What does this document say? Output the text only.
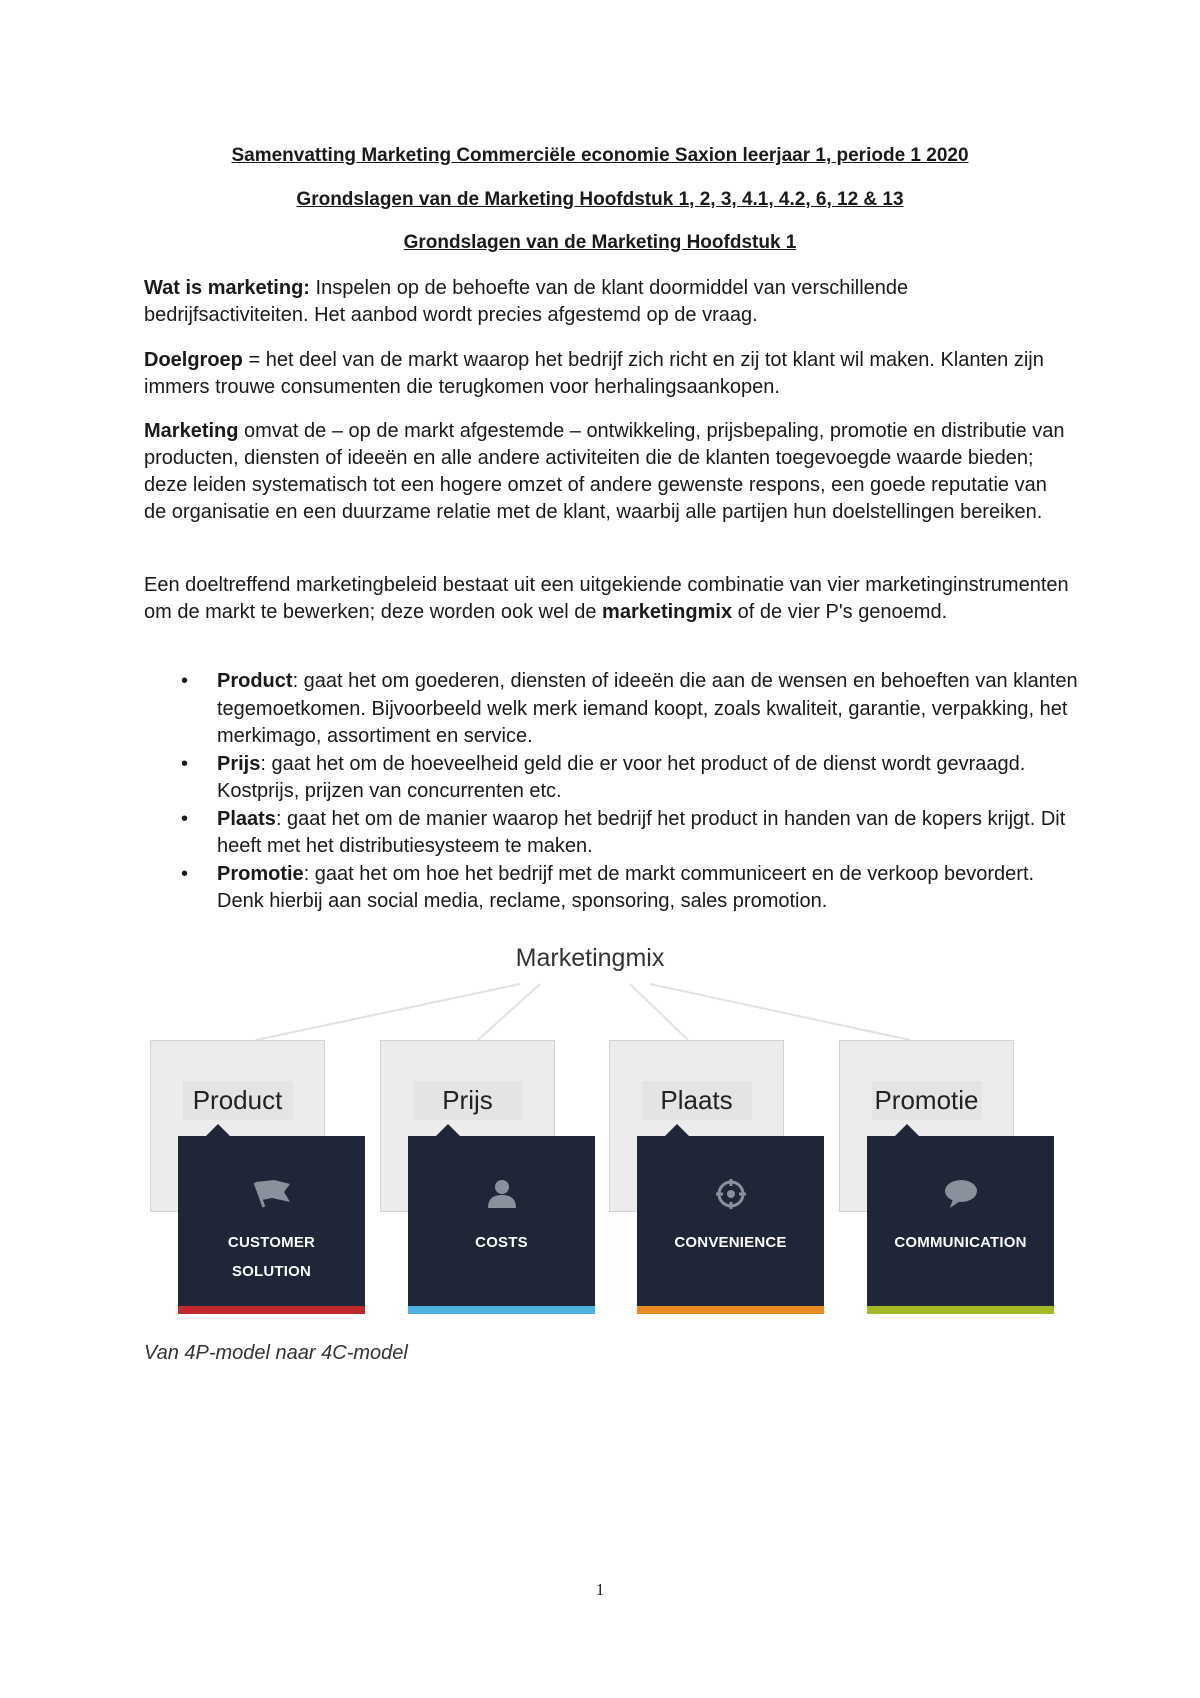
Samenvatting Marketing Commerciële economie Saxion leerjaar 1, periode 1 2020
Grondslagen van de Marketing Hoofdstuk 1, 2, 3, 4.1, 4.2, 6, 12 & 13
Grondslagen van de Marketing Hoofdstuk 1
Wat is marketing: Inspelen op de behoefte van de klant doormiddel van verschillende bedrijfsactiviteiten. Het aanbod wordt precies afgestemd op de vraag.
Doelgroep = het deel van de markt waarop het bedrijf zich richt en zij tot klant wil maken. Klanten zijn immers trouwe consumenten die terugkomen voor herhalingsaankopen.
Marketing omvat de – op de markt afgestemde – ontwikkeling, prijsbepaling, promotie en distributie van producten, diensten of ideeën en alle andere activiteiten die de klanten toegevoegde waarde bieden; deze leiden systematisch tot een hogere omzet of andere gewenste respons, een goede reputatie van de organisatie en een duurzame relatie met de klant, waarbij alle partijen hun doelstellingen bereiken.
Een doeltreffend marketingbeleid bestaat uit een uitgekiende combinatie van vier marketinginstrumenten om de markt te bewerken; deze worden ook wel de marketingmix of de vier P's genoemd.
• Product: gaat het om goederen, diensten of ideeën die aan de wensen en behoeften van klanten tegemoetkomen. Bijvoorbeeld welk merk iemand koopt, zoals kwaliteit, garantie, verpakking, het merkimago, assortiment en service.
• Prijs: gaat het om de hoeveelheid geld die er voor het product of de dienst wordt gevraagd. Kostprijs, prijzen van concurrenten etc.
• Plaats: gaat het om de manier waarop het bedrijf het product in handen van de kopers krijgt. Dit heeft met het distributiesysteem te maken.
• Promotie: gaat het om hoe het bedrijf met de markt communiceert en de verkoop bevordert. Denk hierbij aan social media, reclame, sponsoring, sales promotion.
Marketingmix
Product	Prijs	Plaats	Promotie
CUSTOMER
SOLUTION
COSTS	CONVENIENCE	COMMUNICATION
Van 4P-model naar 4C-model
1
